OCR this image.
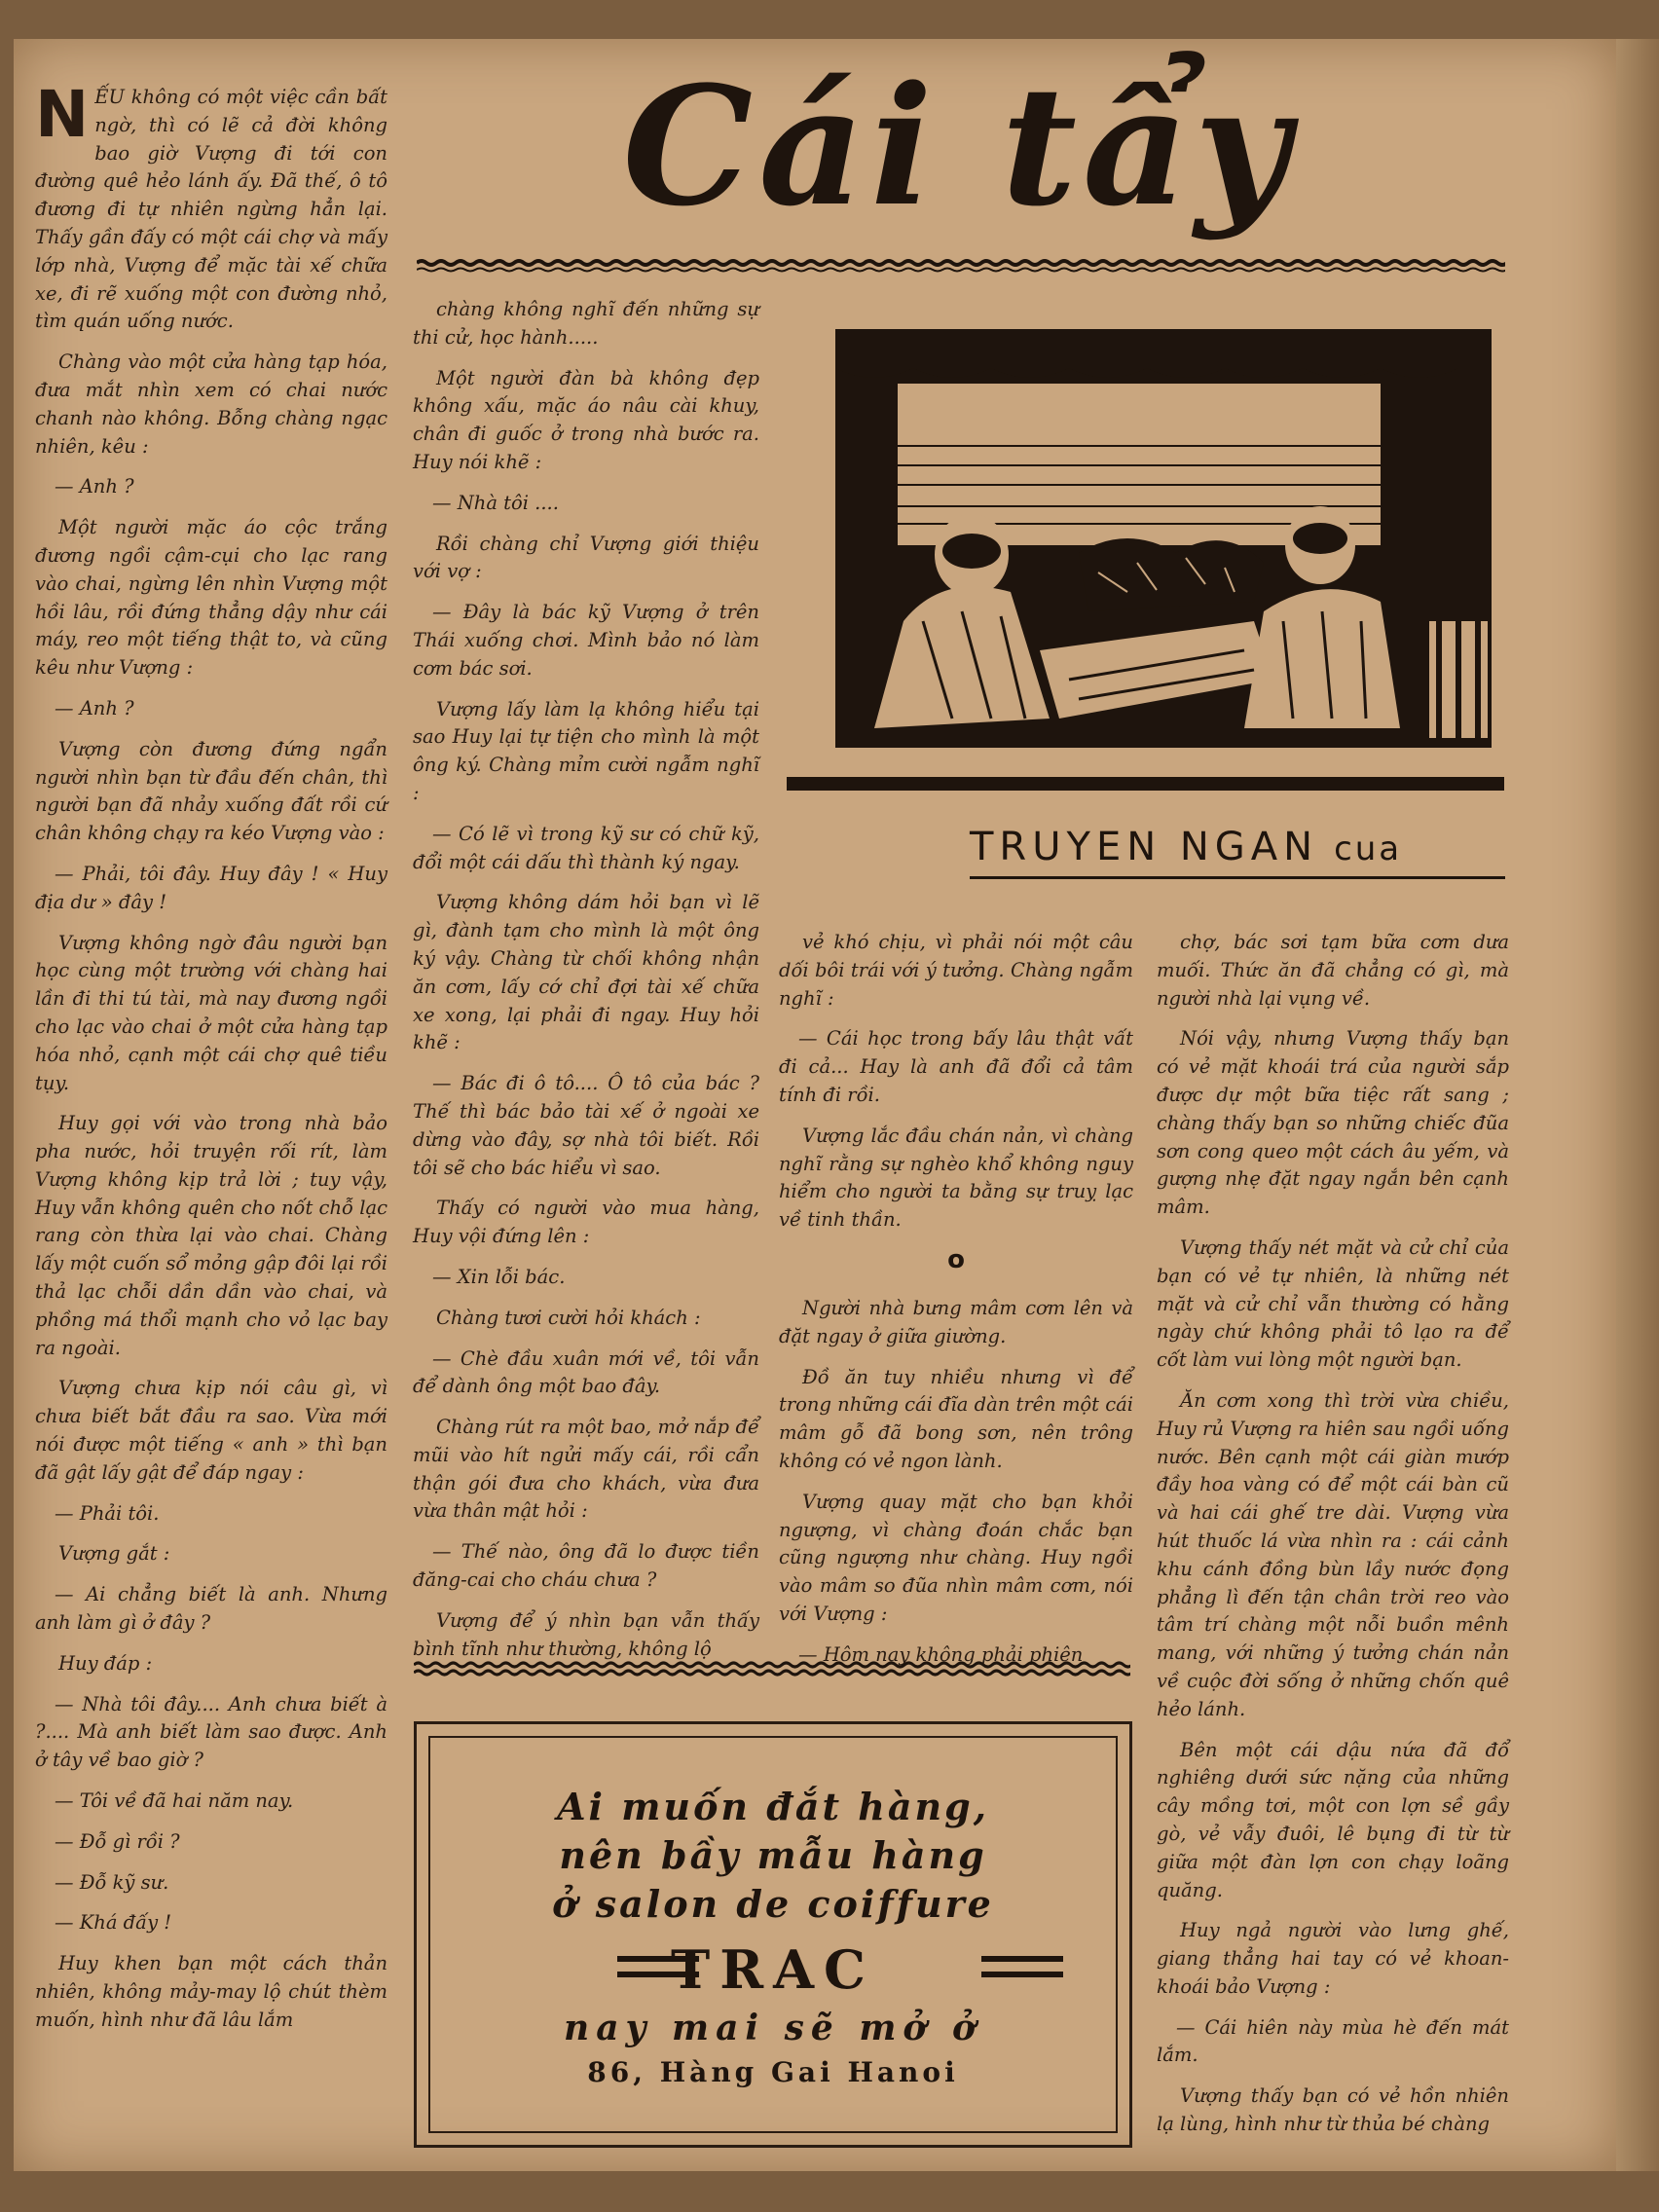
Cái tẩy
TRUYEN NGAN cua

NẾU không có một việc cần bất ngờ, thì có lẽ cả đời không bao giờ Vượng đi tới con đường quê hẻo lánh ấy. Đã thế, ô tô đương đi tự nhiên ngừng hẳn lại. Thấy gần đấy có một cái chợ và mấy lớp nhà, Vượng để mặc tài xế chữa xe, đi rẽ xuống một con đường nhỏ, tìm quán uống nước.

Chàng vào một cửa hàng tạp hóa, đưa mắt nhìn xem có chai nước chanh nào không. Bỗng chàng ngạc nhiên, kêu :

— Anh ?

Một người mặc áo cộc trắng đương ngồi cậm-cụi cho lạc rang vào chai, ngừng lên nhìn Vượng một hồi lâu, rồi đứng thẳng dậy như cái máy, reo một tiếng thật to, và cũng kêu như Vượng :

— Anh ?

Vượng còn đương đứng ngẩn người nhìn bạn từ đầu đến chân, thì người bạn đã nhảy xuống đất rồi cứ chân không chạy ra kéo Vượng vào :

— Phải, tôi đây. Huy đây ! « Huy địa dư » đây !

Vượng không ngờ đâu người bạn học cùng một trường với chàng hai lần đi thi tú tài, mà nay đương ngồi cho lạc vào chai ở một cửa hàng tạp hóa nhỏ, cạnh một cái chợ quê tiều tụy.

Huy gọi với vào trong nhà bảo pha nước, hỏi truyện rối rít, làm Vượng không kịp trả lời ; tuy vậy, Huy vẫn không quên cho nốt chỗ lạc rang còn thừa lại vào chai. Chàng lấy một cuốn sổ mỏng gập đôi lại rồi thả lạc chỗi dần dần vào chai, và phồng má thổi mạnh cho vỏ lạc bay ra ngoài.

Vượng chưa kịp nói câu gì, vì chưa biết bắt đầu ra sao. Vừa mới nói được một tiếng « anh » thì bạn đã gật lấy gật để đáp ngay :

— Phải tôi.

Vượng gắt :

— Ai chẳng biết là anh. Nhưng anh làm gì ở đây ?

Huy đáp :

— Nhà tôi đây.... Anh chưa biết à ?.... Mà anh biết làm sao được. Anh ở tây về bao giờ ?

— Tôi về đã hai năm nay.

— Đỗ gì rồi ?

— Đỗ kỹ sư.

— Khá đấy !

Huy khen bạn một cách thản nhiên, không mảy-may lộ chút thèm muốn, hình như đã lâu lắm

chàng không nghĩ đến những sự thi cử, học hành.....

Một người đàn bà không đẹp không xấu, mặc áo nâu cài khuy, chân đi guốc ở trong nhà bước ra. Huy nói khẽ :

— Nhà tôi ....

Rồi chàng chỉ Vượng giới thiệu với vợ :

— Đây là bác kỹ Vượng ở trên Thái xuống chơi. Mình bảo nó làm cơm bác sơi.

Vượng lấy làm lạ không hiểu tại sao Huy lại tự tiện cho mình là một ông ký. Chàng mỉm cười ngẫm nghĩ :

— Có lẽ vì trong kỹ sư có chữ kỹ, đổi một cái dấu thì thành ký ngay.

Vượng không dám hỏi bạn vì lẽ gì, đành tạm cho mình là một ông ký vậy. Chàng từ chối không nhận ăn cơm, lấy cớ chỉ đợi tài xế chữa xe xong, lại phải đi ngay. Huy hỏi khẽ :

— Bác đi ô tô.... Ô tô của bác ? Thế thì bác bảo tài xế ở ngoài xe dừng vào đây, sợ nhà tôi biết. Rồi tôi sẽ cho bác hiểu vì sao.

Thấy có người vào mua hàng, Huy vội đứng lên :

— Xin lỗi bác.

Chàng tươi cười hỏi khách :

— Chè đầu xuân mới về, tôi vẫn để dành ông một bao đây.

Chàng rút ra một bao, mở nắp để mũi vào hít ngửi mấy cái, rồi cẩn thận gói đưa cho khách, vừa đưa vừa thân mật hỏi :

— Thế nào, ông đã lo được tiền đăng-cai cho cháu chưa ?

Vượng để ý nhìn bạn vẫn thấy bình tĩnh như thường, không lộ

vẻ khó chịu, vì phải nói một câu dối bôi trái với ý tưởng. Chàng ngẫm nghĩ :

— Cái học trong bấy lâu thật vất đi cả... Hay là anh đã đổi cả tâm tính đi rồi.

Vượng lắc đầu chán nản, vì chàng nghĩ rằng sự nghèo khổ không nguy hiểm cho người ta bằng sự truỵ lạc về tinh thần.

Người nhà bưng mâm cơm lên và đặt ngay ở giữa giường.

Đồ ăn tuy nhiều nhưng vì để trong những cái đĩa dàn trên một cái mâm gỗ đã bong sơn, nên trông không có vẻ ngon lành.

Vượng quay mặt cho bạn khỏi ngượng, vì chàng đoán chắc bạn cũng ngượng như chàng. Huy ngồi vào mâm so đũa nhìn mâm cơm, nói với Vượng :

— Hôm nay không phải phiên

o

chợ, bác sơi tạm bữa cơm dưa muối. Thức ăn đã chẳng có gì, mà người nhà lại vụng về.

Nói vậy, nhưng Vượng thấy bạn có vẻ mặt khoái trá của người sắp được dự một bữa tiệc rất sang ; chàng thấy bạn so những chiếc đũa sơn cong queo một cách âu yếm, và gượng nhẹ đặt ngay ngắn bên cạnh mâm.

Vượng thấy nét mặt và cử chỉ của bạn có vẻ tự nhiên, là những nét mặt và cử chỉ vẫn thường có hằng ngày chứ không phải tô lạo ra để cốt làm vui lòng một người bạn.

Ăn cơm xong thì trời vừa chiều, Huy rủ Vượng ra hiên sau ngồi uống nước. Bên cạnh một cái giàn mướp đầy hoa vàng có để một cái bàn cũ và hai cái ghế tre dài. Vượng vừa hút thuốc lá vừa nhìn ra : cái cảnh khu cánh đồng bùn lầy nước đọng phẳng lì đến tận chân trời reo vào tâm trí chàng một nỗi buồn mênh mang, với những ý tưởng chán nản về cuộc đời sống ở những chốn quê hẻo lánh.

Bên một cái dậu nứa đã đổ nghiêng dưới sức nặng của những cây mồng tơi, một con lợn sề gầy gò, vẻ vẫy đuôi, lê bụng đi từ từ giữa một đàn lợn con chạy loãng quăng.

Huy ngả người vào lưng ghế, giang thẳng hai tay có vẻ khoan-khoái bảo Vượng :

— Cái hiên này mùa hè đến mát lắm.

Vượng thấy bạn có vẻ hồn nhiên lạ lùng, hình như từ thủa bé chàng

Ai muốn đắt hàng,
nên bầy mẫu hàng
ở salon de coiffure
TRAC
nay mai sẽ mở ở
86, Hàng Gai Hanoi
